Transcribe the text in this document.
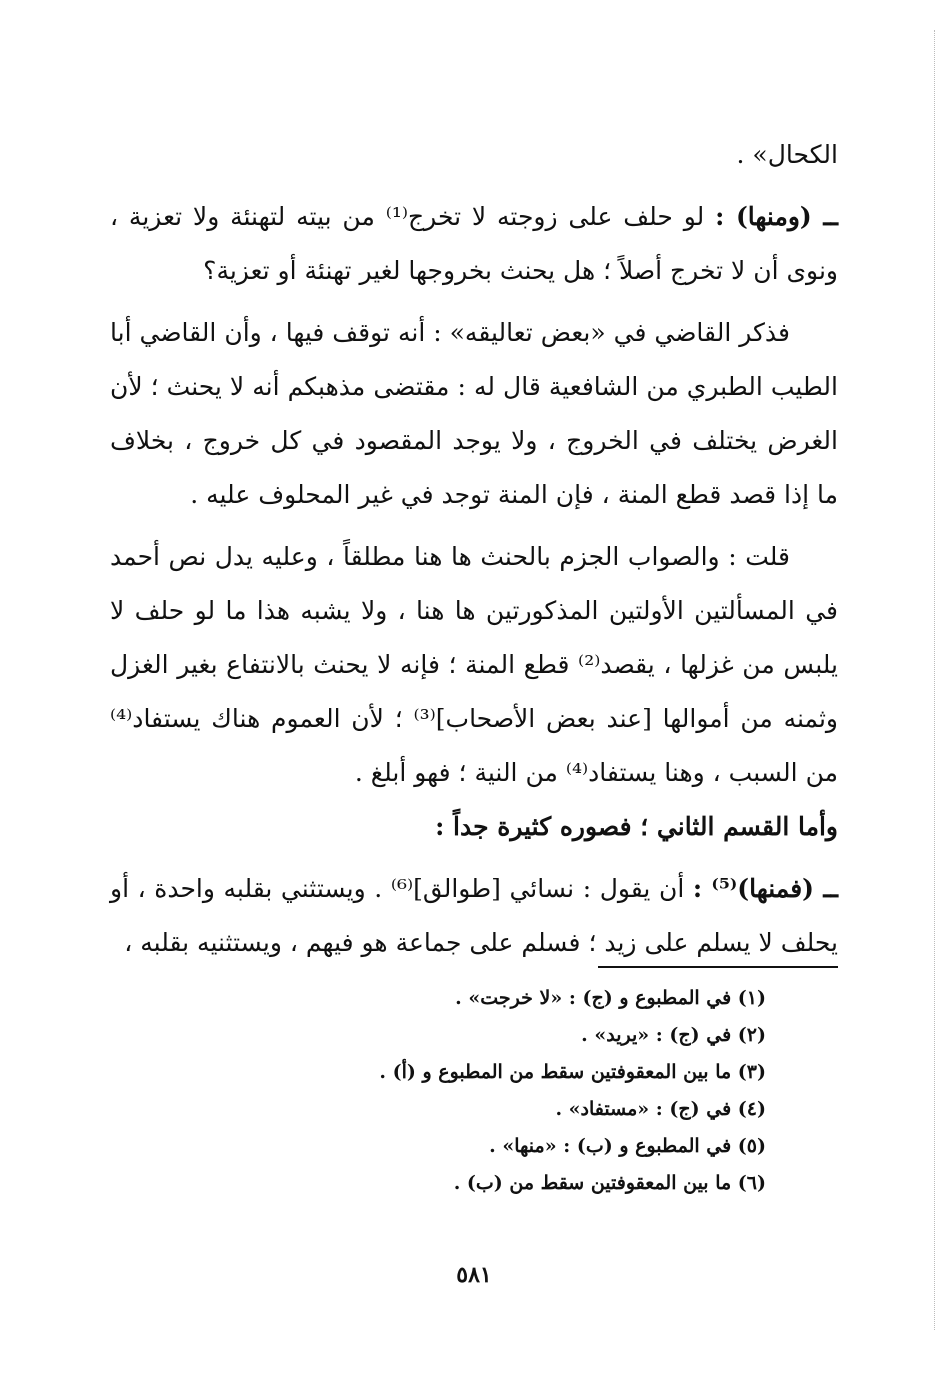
الكحال» .

ــ (ومنها) : لو حلف على زوجته لا تخرج⁽¹⁾ من بيته لتهنئة ولا تعزية ، ونوى أن لا تخرج أصلاً ؛ هل يحنث بخروجها لغير تهنئة أو تعزية؟

فذكر القاضي في «بعض تعاليقه» : أنه توقف فيها ، وأن القاضي أبا الطيب الطبري من الشافعية قال له : مقتضى مذهبكم أنه لا يحنث ؛ لأن الغرض يختلف في الخروج ، ولا يوجد المقصود في كل خروج ، بخلاف ما إذا قصد قطع المنة ، فإن المنة توجد في غير المحلوف عليه .

قلت : والصواب الجزم بالحنث ها هنا مطلقاً ، وعليه يدل نص أحمد في المسألتين الأولتين المذكورتين ها هنا ، ولا يشبه هذا ما لو حلف لا يلبس من غزلها ، يقصد⁽²⁾ قطع المنة ؛ فإنه لا يحنث بالانتفاع بغير الغزل وثمنه من أموالها [عند بعض الأصحاب]⁽³⁾ ؛ لأن العموم هناك يستفاد⁽⁴⁾ من السبب ، وهنا يستفاد⁽⁴⁾ من النية ؛ فهو أبلغ .

وأما القسم الثاني ؛ فصوره كثيرة جداً :

ــ (فمنها)⁽⁵⁾ : أن يقول : نسائي [طوالق]⁽⁶⁾ . ويستثني بقلبه واحدة ، أو يحلف لا يسلم على زيد ؛ فسلم على جماعة هو فيهم ، ويستثنيه بقلبه ،

(١) في المطبوع و (ج) : «لا خرجت» .
(٢) في (ج) : «يريد» .
(٣) ما بين المعقوفتين سقط من المطبوع و (أ) .
(٤) في (ج) : «مستفاد» .
(٥) في المطبوع و (ب) : «منها» .
(٦) ما بين المعقوفتين سقط من (ب) .
٥٨١
